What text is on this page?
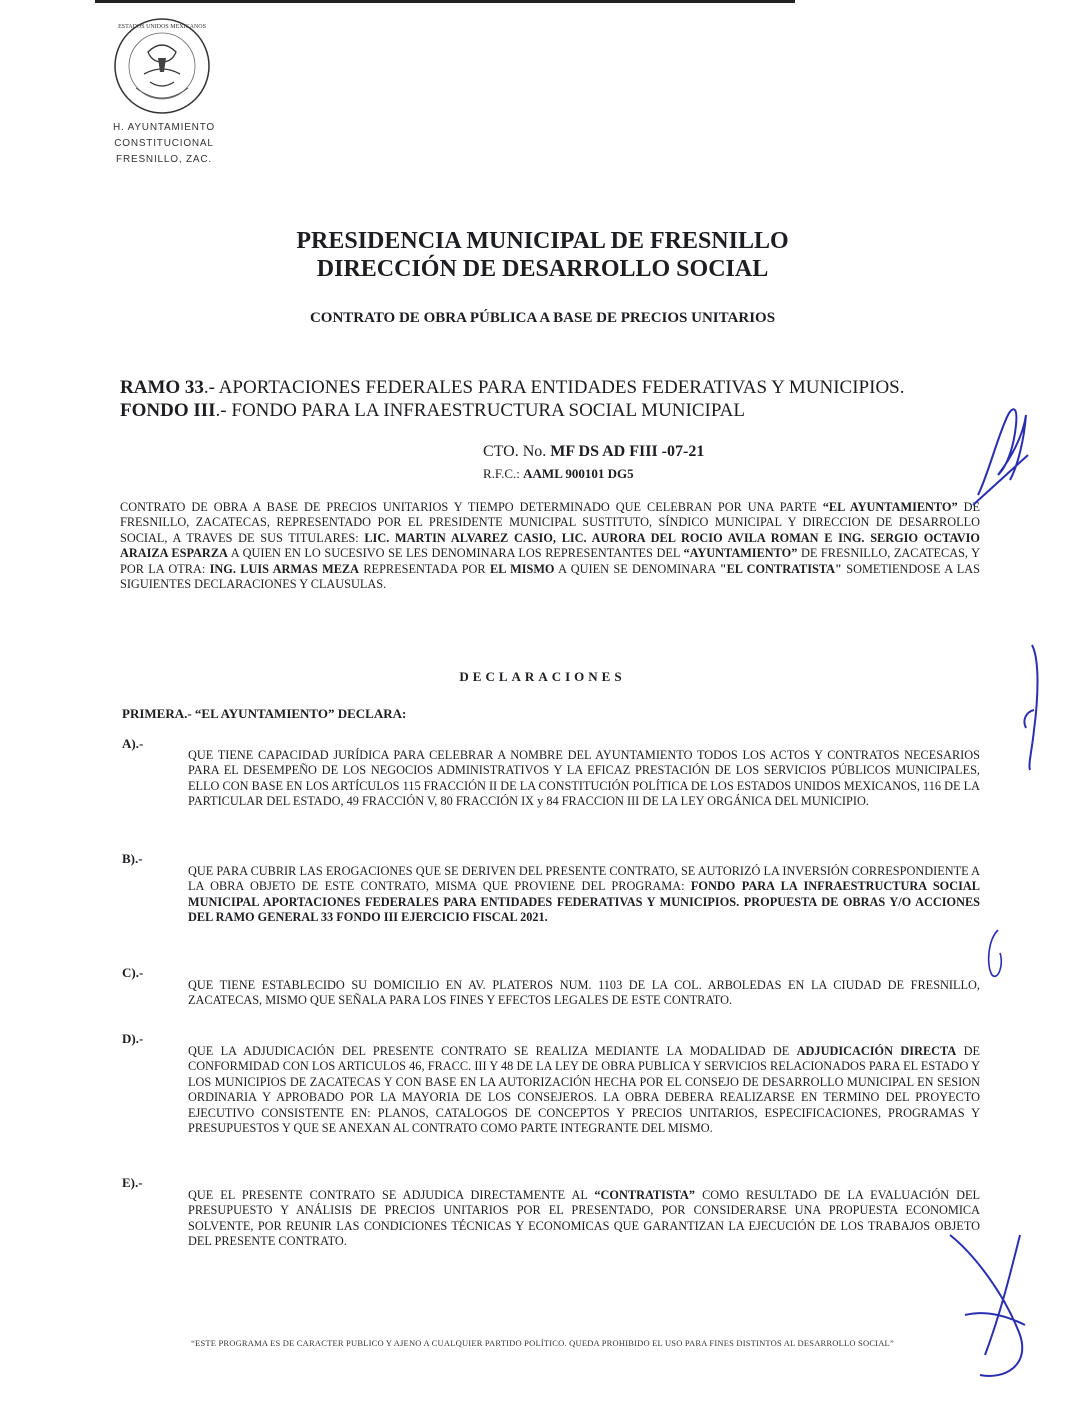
ESTADOS UNIDOS MEXICANOS
H. AYUNTAMIENTO
CONSTITUCIONAL
FRESNILLO, ZAC.
PRESIDENCIA MUNICIPAL DE FRESNILLO
DIRECCIÓN DE DESARROLLO SOCIAL
CONTRATO DE OBRA PÚBLICA A BASE DE PRECIOS UNITARIOS
RAMO 33.- APORTACIONES FEDERALES PARA ENTIDADES FEDERATIVAS Y MUNICIPIOS.
FONDO III.- FONDO PARA LA INFRAESTRUCTURA SOCIAL MUNICIPAL
CTO. No. MF DS AD FIII -07-21
R.F.C.: AAML 900101 DG5
CONTRATO DE OBRA A BASE DE PRECIOS UNITARIOS Y TIEMPO DETERMINADO QUE CELEBRAN POR UNA PARTE “EL AYUNTAMIENTO” DE FRESNILLO, ZACATECAS, REPRESENTADO POR EL PRESIDENTE MUNICIPAL SUSTITUTO, SÍNDICO MUNICIPAL Y DIRECCION DE DESARROLLO SOCIAL, A TRAVES DE SUS TITULARES: LIC. MARTIN ALVAREZ CASIO, LIC. AURORA DEL ROCIO AVILA ROMAN E ING. SERGIO OCTAVIO ARAIZA ESPARZA A QUIEN EN LO SUCESIVO SE LES DENOMINARA LOS REPRESENTANTES DEL “AYUNTAMIENTO” DE FRESNILLO, ZACATECAS, Y POR LA OTRA: ING. LUIS ARMAS MEZA REPRESENTADA POR EL MISMO A QUIEN SE DENOMINARA "EL CONTRATISTA" SOMETIENDOSE A LAS SIGUIENTES DECLARACIONES Y CLAUSULAS.
DECLARACIONES
PRIMERA.- “EL AYUNTAMIENTO” DECLARA:
A).-
QUE TIENE CAPACIDAD JURÍDICA PARA CELEBRAR A NOMBRE DEL AYUNTAMIENTO TODOS LOS ACTOS Y CONTRATOS NECESARIOS PARA EL DESEMPEÑO DE LOS NEGOCIOS ADMINISTRATIVOS Y LA EFICAZ PRESTACIÓN DE LOS SERVICIOS PÚBLICOS MUNICIPALES, ELLO CON BASE EN LOS ARTÍCULOS 115 FRACCIÓN II DE LA CONSTITUCIÓN POLÍTICA DE LOS ESTADOS UNIDOS MEXICANOS, 116 DE LA PARTICULAR DEL ESTADO, 49 FRACCIÓN V, 80 FRACCIÓN IX y 84 FRACCION III DE LA LEY ORGÁNICA DEL MUNICIPIO.
B).-
QUE PARA CUBRIR LAS EROGACIONES QUE SE DERIVEN DEL PRESENTE CONTRATO, SE AUTORIZÓ LA INVERSIÓN CORRESPONDIENTE A LA OBRA OBJETO DE ESTE CONTRATO, MISMA QUE PROVIENE DEL PROGRAMA: FONDO PARA LA INFRAESTRUCTURA SOCIAL MUNICIPAL APORTACIONES FEDERALES PARA ENTIDADES FEDERATIVAS Y MUNICIPIOS. PROPUESTA DE OBRAS Y/O ACCIONES DEL RAMO GENERAL 33 FONDO III EJERCICIO FISCAL 2021.
C).-
QUE TIENE ESTABLECIDO SU DOMICILIO EN AV. PLATEROS NUM. 1103 DE LA COL. ARBOLEDAS EN LA CIUDAD DE FRESNILLO, ZACATECAS, MISMO QUE SEÑALA PARA LOS FINES Y EFECTOS LEGALES DE ESTE CONTRATO.
D).-
QUE LA ADJUDICACIÓN DEL PRESENTE CONTRATO SE REALIZA MEDIANTE LA MODALIDAD DE ADJUDICACIÓN DIRECTA DE CONFORMIDAD CON LOS ARTICULOS 46, FRACC. III Y 48 DE LA LEY DE OBRA PUBLICA Y SERVICIOS RELACIONADOS PARA EL ESTADO Y LOS MUNICIPIOS DE ZACATECAS Y CON BASE EN LA AUTORIZACIÓN HECHA POR EL CONSEJO DE DESARROLLO MUNICIPAL EN SESION ORDINARIA Y APROBADO POR LA MAYORIA DE LOS CONSEJEROS. LA OBRA DEBERA REALIZARSE EN TERMINO DEL PROYECTO EJECUTIVO CONSISTENTE EN: PLANOS, CATALOGOS DE CONCEPTOS Y PRECIOS UNITARIOS, ESPECIFICACIONES, PROGRAMAS Y PRESUPUESTOS Y QUE SE ANEXAN AL CONTRATO COMO PARTE INTEGRANTE DEL MISMO.
E).-
QUE EL PRESENTE CONTRATO SE ADJUDICA DIRECTAMENTE AL “CONTRATISTA” COMO RESULTADO DE LA EVALUACIÓN DEL PRESUPUESTO Y ANÁLISIS DE PRECIOS UNITARIOS POR EL PRESENTADO, POR CONSIDERARSE UNA PROPUESTA ECONOMICA SOLVENTE, POR REUNIR LAS CONDICIONES TÉCNICAS Y ECONOMICAS QUE GARANTIZAN LA EJECUCIÓN DE LOS TRABAJOS OBJETO DEL PRESENTE CONTRATO.
“ESTE PROGRAMA ES DE CARACTER PUBLICO Y AJENO A CUALQUIER PARTIDO POLÍTICO. QUEDA PROHIBIDO EL USO PARA FINES DISTINTOS AL DESARROLLO SOCIAL”
